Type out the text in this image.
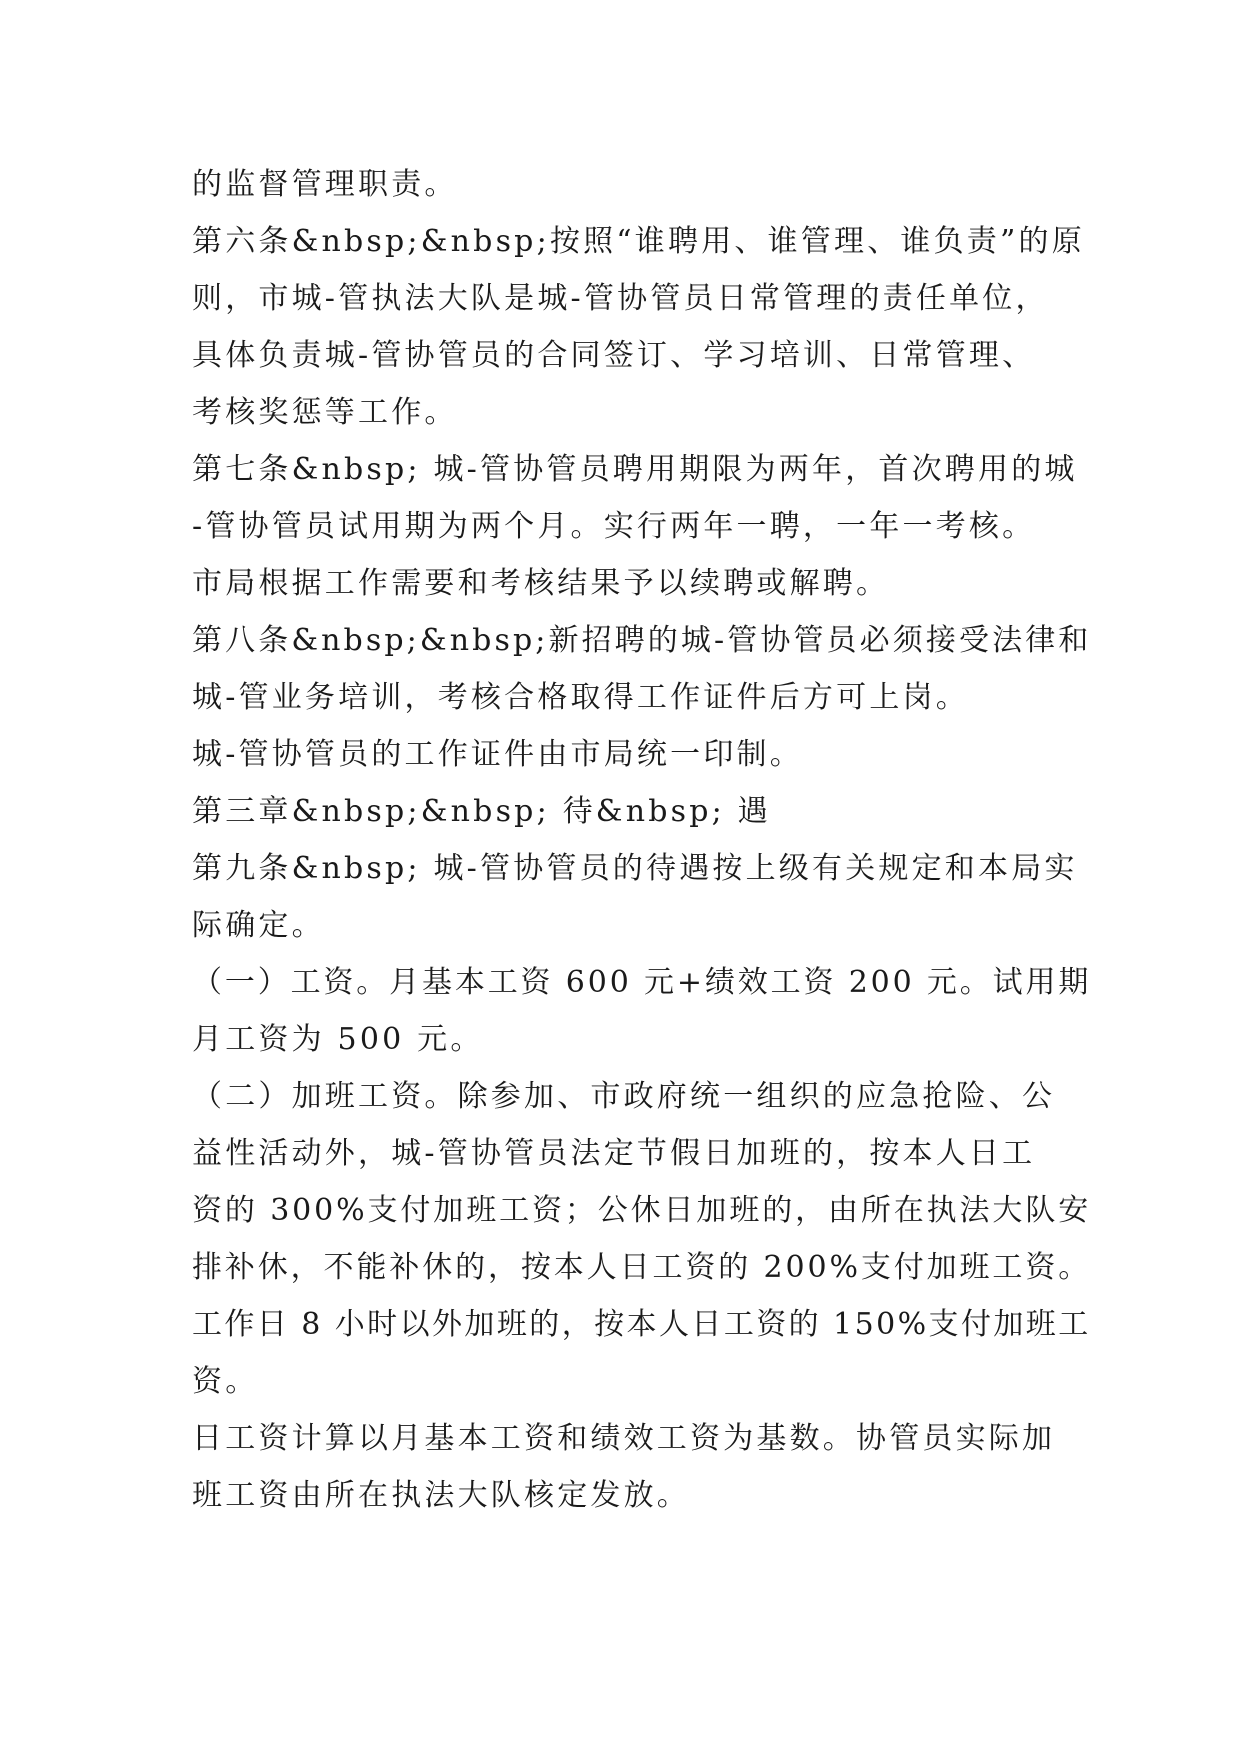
的监督管理职责。

第六条&nbsp;&nbsp;按照“谁聘用、谁管理、谁负责”的原

则，市城-管执法大队是城-管协管员日常管理的责任单位，

具体负责城-管协管员的合同签订、学习培训、日常管理、

考核奖惩等工作。

第七条&nbsp; 城-管协管员聘用期限为两年，首次聘用的城

-管协管员试用期为两个月。实行两年一聘，一年一考核。

市局根据工作需要和考核结果予以续聘或解聘。

第八条&nbsp;&nbsp;新招聘的城-管协管员必须接受法律和

城-管业务培训，考核合格取得工作证件后方可上岗。

城-管协管员的工作证件由市局统一印制。

第三章&nbsp;&nbsp; 待&nbsp; 遇

第九条&nbsp; 城-管协管员的待遇按上级有关规定和本局实

际确定。

（一）工资。月基本工资 600 元+绩效工资 200 元。试用期

月工资为 500 元。

（二）加班工资。除参加、市政府统一组织的应急抢险、公

益性活动外，城-管协管员法定节假日加班的，按本人日工

资的 300%支付加班工资；公休日加班的，由所在执法大队安

排补休，不能补休的，按本人日工资的 200%支付加班工资。

工作日 8 小时以外加班的，按本人日工资的 150%支付加班工

资。

日工资计算以月基本工资和绩效工资为基数。协管员实际加

班工资由所在执法大队核定发放。
